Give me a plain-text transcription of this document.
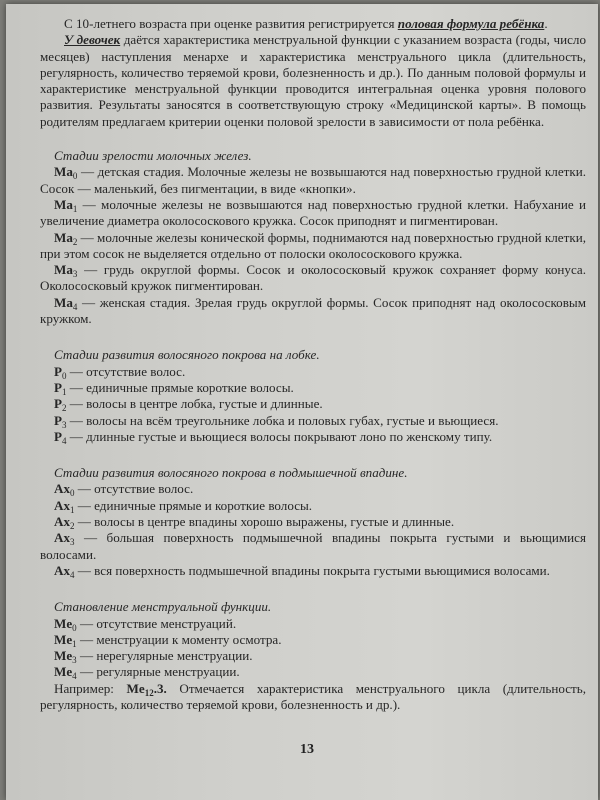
С 10-летнего возраста при оценке развития регистрируется половая формула ребёнка.

У девочек даётся характеристика менструальной функции с указанием возраста (годы, число месяцев) наступления менархе и характеристика менструального цикла (длительность, регулярность, количество теряемой крови, болезненность и др.). По данным половой формулы и характеристике менструальной функции проводится интегральная оценка уровня полового развития. Результаты заносятся в соответствующую строку «Медицинской карты». В помощь родителям предлагаем критерии оценки половой зрелости в зависимости от пола ребёнка.

Стадии зрелости молочных желез.

$Ma_0$ — детская стадия. Молочные железы не возвышаются над поверхностью грудной клетки. Сосок — маленький, без пигментации, в виде «кнопки».

$Ma_1$ — молочные железы не возвышаются над поверхностью грудной клетки. Набухание и увеличение диаметра околососкового кружка. Сосок приподнят и пигментирован.

$Ma_2$ — молочные железы конической формы, поднимаются над поверхностью грудной клетки, при этом сосок не выделяется отдельно от полоски околососкового кружка.

$Ma_3$ — грудь округлой формы. Сосок и околососковый кружок сохраняет форму конуса. Околососковый кружок пигментирован.

$Ma_4$ — женская стадия. Зрелая грудь округлой формы. Сосок приподнят над околососковым кружком.

Стадии развития волосяного покрова на лобке.

$P_0$ — отсутствие волос.

$P_1$ — единичные прямые короткие волосы.

$P_2$ — волосы в центре лобка, густые и длинные.

$P_3$ — волосы на всём треугольнике лобка и половых губах, густые и вьющиеся.

$P_4$ — длинные густые и вьющиеся волосы покрывают лоно по женскому типу.

Стадии развития волосяного покрова в подмышечной впадине.

$Ax_0$ — отсутствие волос.

$Ax_1$ — единичные прямые и короткие волосы.

$Ax_2$ — волосы в центре впадины хорошо выражены, густые и длинные.

$Ax_3$ — большая поверхность подмышечной впадины покрыта густыми и вьющимися волосами.

$Ax_4$ — вся поверхность подмышечной впадины покрыта густыми вьющимися волосами.

Становление менструальной функции.

$Me_0$ — отсутствие менструаций.

$Me_1$ — менструации к моменту осмотра.

$Me_3$ — нерегулярные менструации.

$Me_4$ — регулярные менструации.

Например: $Me_{12}.3$. Отмечается характеристика менструального цикла (длительность, регулярность, количество теряемой крови, болезненность и др.).

13
